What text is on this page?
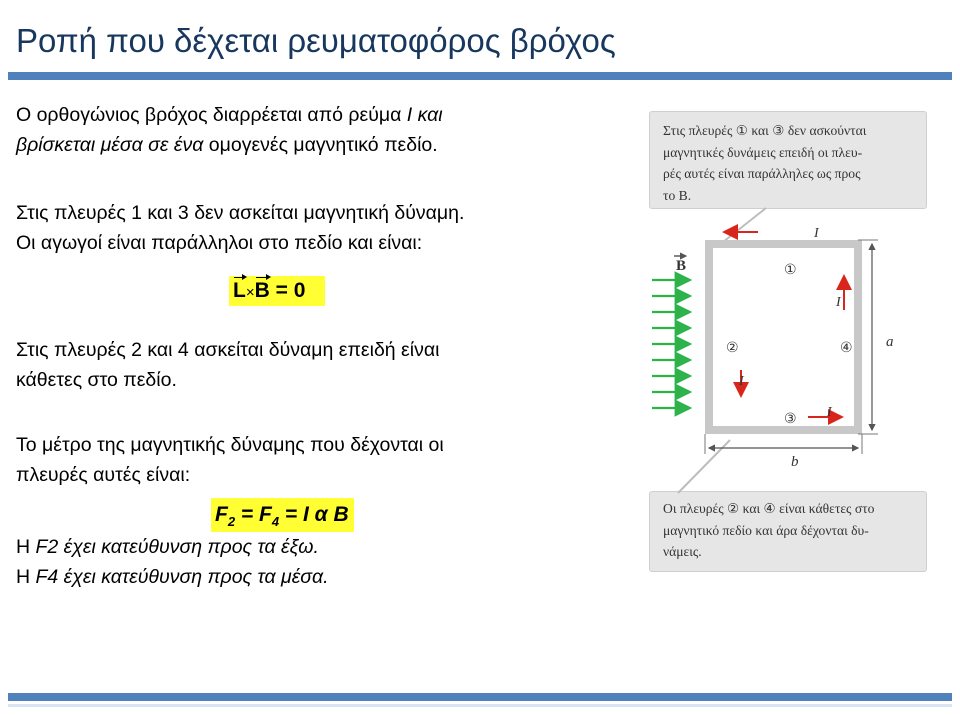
Ροπή που δέχεται ρευματοφόρος βρόχος
Ο ορθογώνιος βρόχος διαρρέεται από ρεύμα I και
βρίσκεται μέσα σε ένα ομογενές μαγνητικό πεδίο.
Στις πλευρές 1 και 3 δεν ασκείται μαγνητική δύναμη.
Οι αγωγοί είναι παράλληλοι στο πεδίο και είναι:
L×B = 0
Στις πλευρές 2 και 4 ασκείται δύναμη επειδή είναι
κάθετες στο πεδίο.
Το μέτρο της μαγνητικής δύναμης που δέχονται οι
πλευρές αυτές είναι:
$F_2 = F_4 = I$ α B
Η F2 έχει κατεύθυνση προς τα έξω.
Η F4 έχει κατεύθυνση προς τα μέσα.
Στις πλευρές ① και ③ δεν ασκούνται
μαγνητικές δυνάμεις επειδή οι πλευ-
ρές αυτές είναι παράλληλες ως προς
το B.
Οι πλευρές ② και ④ είναι κάθετες στο
μαγνητικό πεδίο και άρα δέχονται δυ-
νάμεις.
B
I
I
I
I
①
②
③
④ a
b
